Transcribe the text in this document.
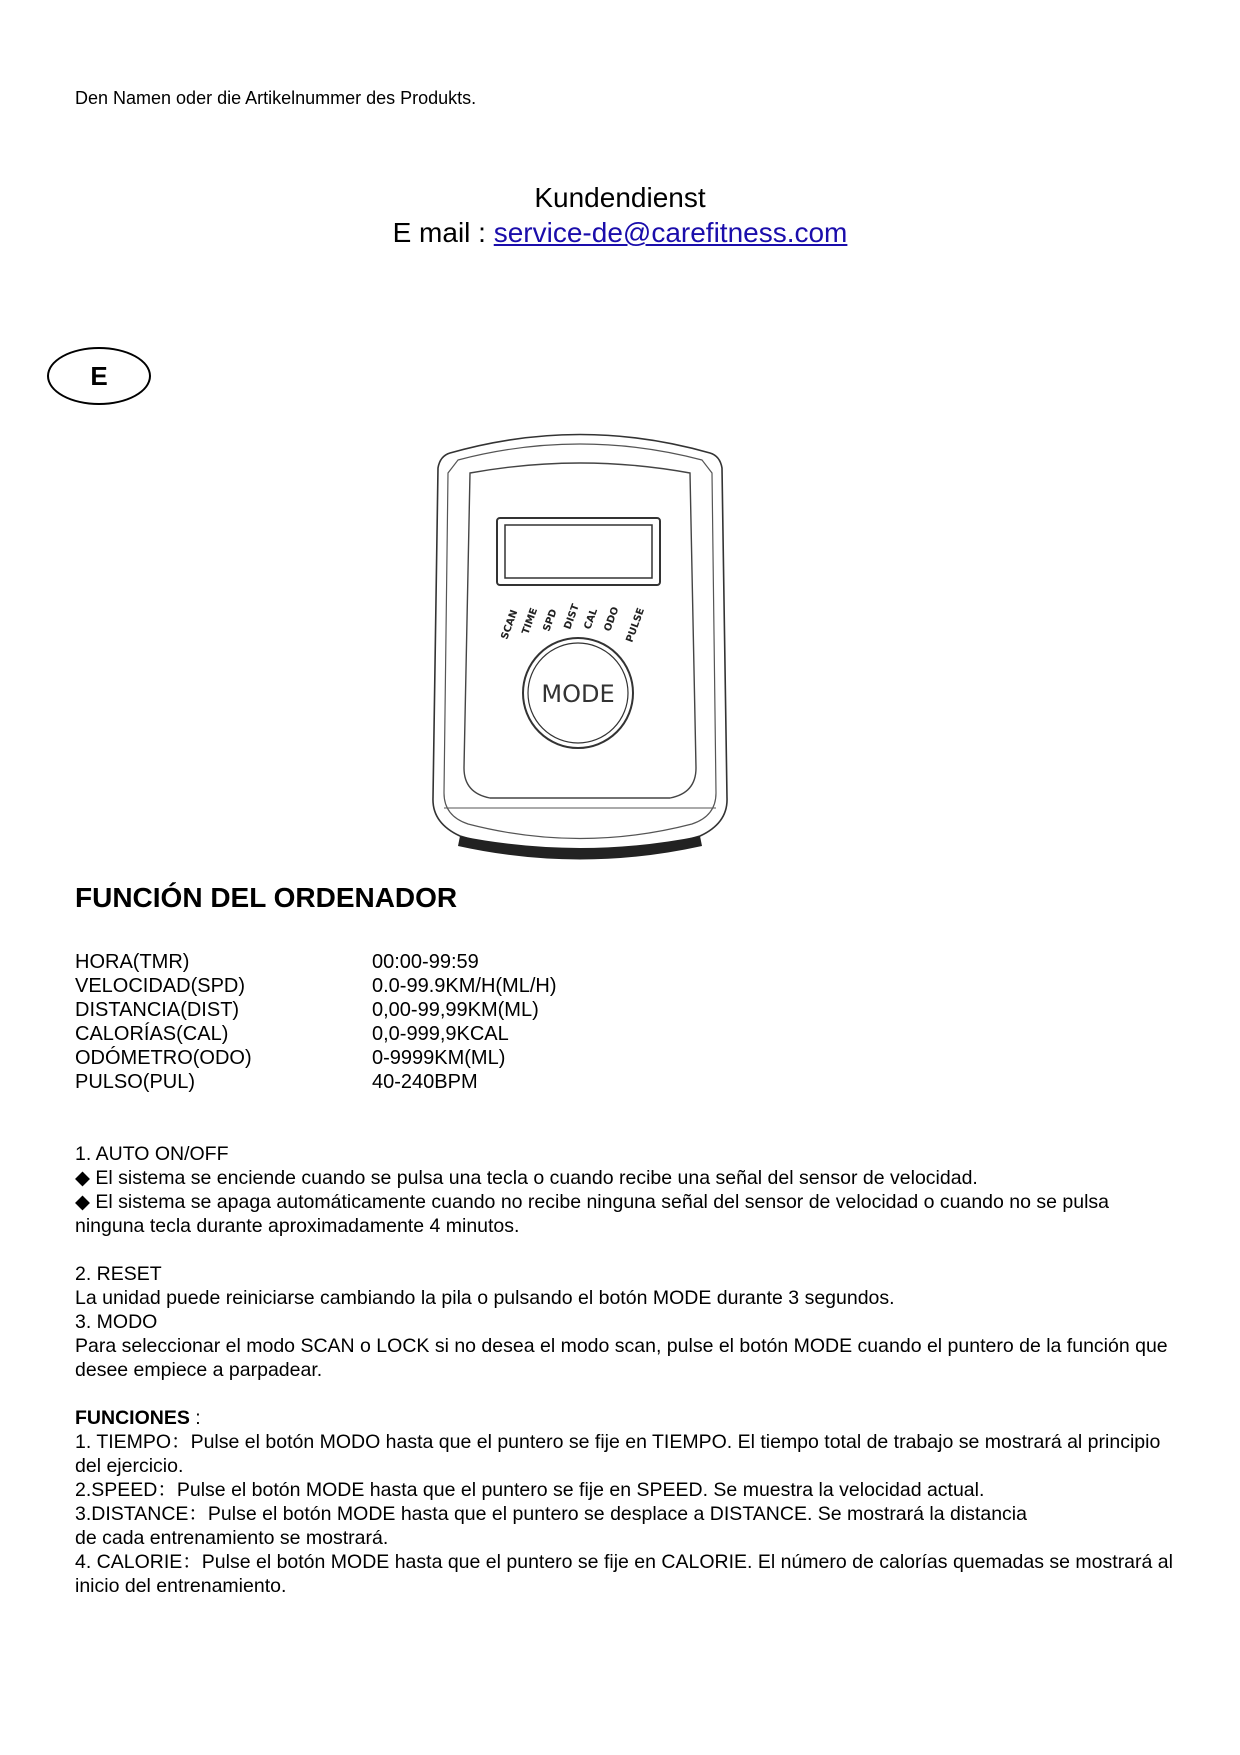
Den Namen oder die Artikelnummer des Produkts.
Kundendienst
E mail : service-de@carefitness.com
E
SCAN TIME SPD DIST CAL ODO PULSE
MODE
FUNCIÓN DEL ORDENADOR
HORA(TMR)	00:00-99:59
VELOCIDAD(SPD)	0.0-99.9KM/H(ML/H)
DISTANCIA(DIST)	0,00-99,99KM(ML)
CALORÍAS(CAL)	0,0-999,9KCAL
ODÓMETRO(ODO)	0-9999KM(ML)
PULSO(PUL)	40-240BPM

1. AUTO ON/OFF

◆ El sistema se enciende cuando se pulsa una tecla o cuando recibe una señal del sensor de velocidad.

◆ El sistema se apaga automáticamente cuando no recibe ninguna señal del sensor de velocidad o cuando no se pulsa ninguna tecla durante aproximadamente 4 minutos.

2. RESET

La unidad puede reiniciarse cambiando la pila o pulsando el botón MODE durante 3 segundos.

3. MODO

Para seleccionar el modo SCAN o LOCK si no desea el modo scan, pulse el botón MODE cuando el puntero de la función que desee empiece a parpadear.

FUNCIONES :

1. TIEMPO：Pulse el botón MODO hasta que el puntero se fije en TIEMPO. El tiempo total de trabajo se mostrará al principio del ejercicio.

2.SPEED：Pulse el botón MODE hasta que el puntero se fije en SPEED. Se muestra la velocidad actual.

3.DISTANCE：Pulse el botón MODE hasta que el puntero se desplace a DISTANCE. Se mostrará la distancia

de cada entrenamiento se mostrará.

4. CALORIE：Pulse el botón MODE hasta que el puntero se fije en CALORIE. El número de calorías quemadas se mostrará al inicio del entrenamiento.
